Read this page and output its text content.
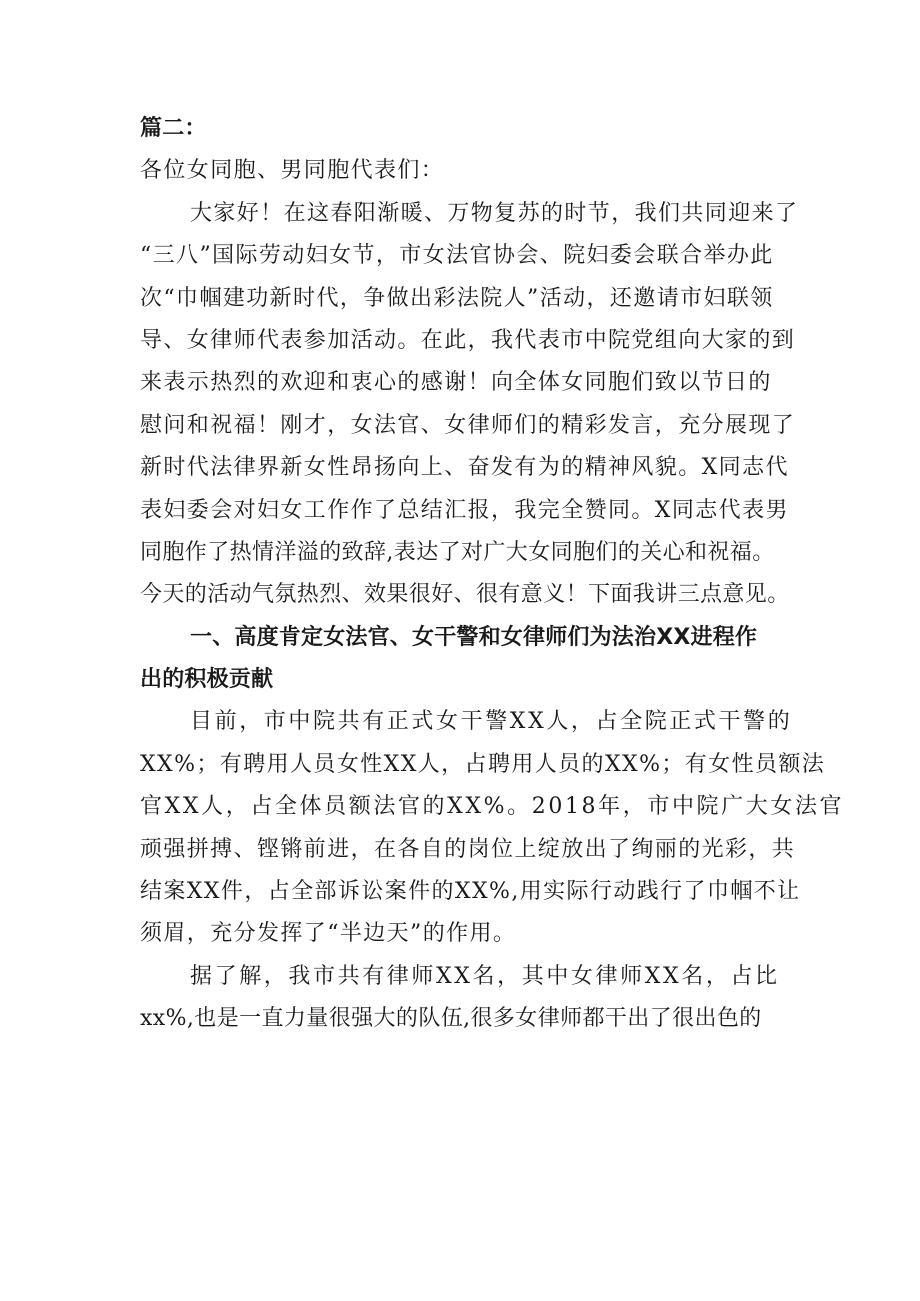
篇二：
各位女同胞、男同胞代表们：
大家好！在这春阳渐暖、万物复苏的时节，我们共同迎来了
“三八”国际劳动妇女节，市女法官协会、院妇委会联合举办此
次“巾帼建功新时代，争做出彩法院人”活动，还邀请市妇联领
导、女律师代表参加活动。在此，我代表市中院党组向大家的到
来表示热烈的欢迎和衷心的感谢！向全体女同胞们致以节日的
慰问和祝福！刚才，女法官、女律师们的精彩发言，充分展现了
新时代法律界新女性昂扬向上、奋发有为的精神风貌。X同志代
表妇委会对妇女工作作了总结汇报，我完全赞同。X同志代表男
同胞作了热情洋溢的致辞,表达了对广大女同胞们的关心和祝福。
今天的活动气氛热烈、效果很好、很有意义！下面我讲三点意见。
一、高度肯定女法官、女干警和女律师们为法治XX进程作
出的积极贡献
目前，市中院共有正式女干警XX人，占全院正式干警的
XX%；有聘用人员女性XX人，占聘用人员的XX%；有女性员额法
官XX人，占全体员额法官的XX%。2018年，市中院广大女法官
顽强拼搏、铿锵前进，在各自的岗位上绽放出了绚丽的光彩，共
结案XX件，占全部诉讼案件的XX%,用实际行动践行了巾帼不让
须眉，充分发挥了“半边天”的作用。
据了解，我市共有律师XX名，其中女律师XX名，占比
xx%,也是一直力量很强大的队伍,很多女律师都干出了很出色的
